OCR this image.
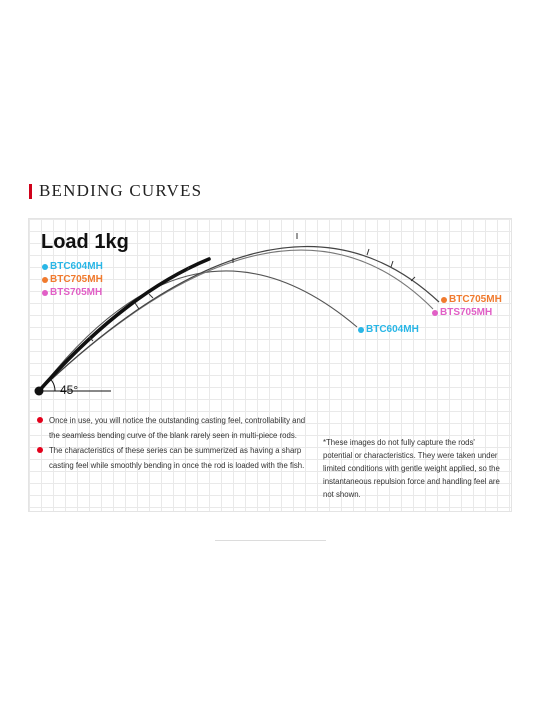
BENDING CURVES
Load 1kg
BTC604MH
BTC705MH
BTS705MH
BTC705MH
BTS705MH
BTC604MH
45°
Once in use, you will notice the outstanding casting feel, controllability and the seamless bending curve of the blank rarely seen in multi-piece rods.
The characteristics of these series can be summerized as having a sharp casting feel while smoothly bending in once the rod is loaded with the fish.
*These images do not fully capture the rods' potential or characteristics. They were taken under limited conditions with gentle weight applied, so the instantaneous repulsion force and handling feel are not shown.
